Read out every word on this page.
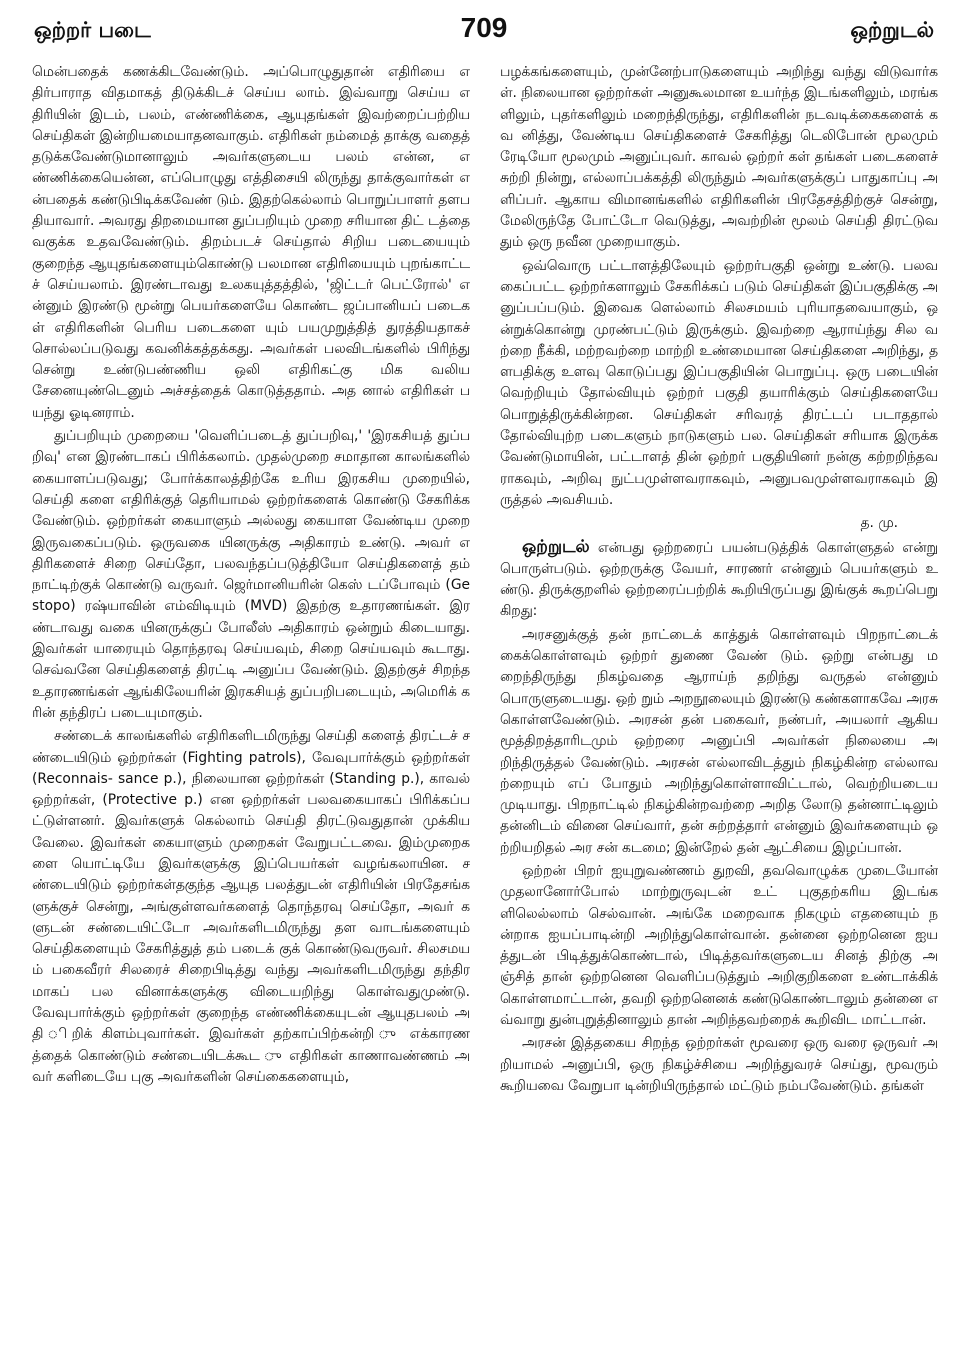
ஒற்றர் படை	709	ஒற்றுடல்

மென்பதைக் கணக்கிடவேண்டும். அப்பொழுதுதான் எதிரியை எதிர்பாராத விதமாகத் திடுக்கிடச் செய்ய லாம். இவ்வாறு செய்ய எதிரியின் இடம், பலம், எண்ணிக்கை, ஆயுதங்கள் இவற்றைப்பற்றிய செய்திகள் இன்றியமையாதனவாகும். எதிரிகள் நம்மைத் தாக்கு வதைத் தடுக்கவேண்டுமானாலும் அவர்களுடைய பலம் என்ன, எண்ணிக்கையென்ன, எப்பொழுது எத்திசையி லிருந்து தாக்குவார்கள் என்பதைக் கண்டுபிடிக்கவேண் டும். இதற்கெல்லாம் பொறுப்பாளர் தளபதியாவார். அவரது திறமையான துப்பறியும் முறை சரியான திட் டத்தை வகுக்க உதவவேண்டும். திறம்படச் செய்தால் சிறிய படையையும் குறைந்த ஆயுதங்களையும்கொண்டு பலமான எதிரியையும் புறங்காட்டச் செய்யலாம். இரண்டாவது உலகயுத்தத்தில், 'ஜிட்டர் பெட்ரோல்' என்னும் இரண்டு மூன்று பெயர்களையே கொண்ட ஜப்பானியப் படைகள் எதிரிகளின் பெரிய படைகளை யும் பயமுறுத்தித் துரத்தியதாகச் சொல்லப்படுவது கவனிக்கத்தக்கது. அவர்கள் பலவிடங்களில் பிரிந்து சென்று உண்டுபண்ணிய ஒலி எதிரிகட்கு மிக வலிய சேனையுண்டெனும் அச்சத்தைக் கொடுத்ததாம். அத னால் எதிரிகள் பயந்து ஓடினராம்.

துப்பறியும் முறையை 'வெளிப்படைத் துப்பறிவு,' 'இரகசியத் துப்பறிவு' என இரண்டாகப் பிரிக்கலாம். முதல்முறை சமாதான காலங்களில் கையாளப்படுவது; போர்க்காலத்திற்கே உரிய இரகசிய முறையில், செய்தி களை எதிரிக்குத் தெரியாமல் ஒற்றர்களைக் கொண்டு சேகரிக்க வேண்டும். ஒற்றர்கள் கையாளும் அல்லது கையாள வேண்டிய முறை இருவகைப்படும். ஒருவகை யினருக்கு அதிகாரம் உண்டு. அவர் எதிரிகளைச் சிறை செய்தோ, பலவந்தப்படுத்தியோ செய்திகளைத் தம் நாட்டிற்குக் கொண்டு வருவர். ஜெர்மானியரின் கெஸ் டப்போவும் (Gestopo) ரஷ்யாவின் எம்விடியும் (MVD) இதற்கு உதாரணங்கள். இரண்டாவது வகை யினருக்குப் போலீஸ் அதிகாரம் ஒன்றும் கிடையாது. இவர்கள் யாரையும் தொந்தரவு செய்யவும், சிறை செய்யவும் கூடாது. செவ்வனே செய்திகளைத் திரட்டி அனுப்ப வேண்டும். இதற்குச் சிறந்த உதாரணங்கள் ஆங்கிலேயரின் இரகசியத் துப்பறிபடையும், அமெரிக் கரின் தந்திரப் படையுமாகும்.

சண்டைக் காலங்களில் எதிரிகளிடமிருந்து செய்தி களைத் திரட்டச் சண்டையிடும் ஒற்றர்கள் (Fighting patrols), வேவுபார்க்கும் ஒற்றர்கள் (Reconnais- sance p.), நிலையான ஒற்றர்கள் (Standing p.), காவல் ஒற்றர்கள், (Protective p.) என ஒற்றர்கள் பலவகையாகப் பிரிக்கப்பட்டுள்ளனர். இவர்களுக் கெல்லாம் செய்தி திரட்டுவதுதான் முக்கிய வேலை. இவர்கள் கையாளும் முறைகள் வேறுபட்டவை. இம்முறைகளை யொட்டியே இவர்களுக்கு இப்பெயர்கள் வழங்கலாயின. சண்டையிடும் ஒற்றர்கள்தகுந்த ஆயுத பலத்துடன் எதிரியின் பிரதேசங்களுக்குச் சென்று, அங்குள்ளவர்களைத் தொந்தரவு செய்தோ, அவர் களுடன் சண்டையிட்டோ அவர்களிடமிருந்து தள வாடங்களையும் செய்திகளையும் சேகரித்துத் தம் படைக் குக் கொண்டுவருவர். சிலசமயம் பகைவீரர் சிலரைச் சிறைபிடித்து வந்து அவர்களிடமிருந்து தந்திரமாகப் பல வினாக்களுக்கு விடையறிந்து கொள்வதுமுண்டு. வேவுபார்க்கும் ஒற்றர்கள் குறைந்த எண்ணிக்கையுடன் ஆயுதபலம் அதி ிறிக் கிளம்புவார்கள். இவர்கள் தற்காப்பிற்கன்றி ு எக்காரணத்தைக் கொண்டும் சண்டையிடக்கூட ு எதிரிகள் காணாவண்ணம் அவர் களிடையே புகு அவர்களின் செய்கைகளையும்,

பழக்கங்களையும், முன்னேற்பாடுகளையும் அறிந்து வந்து விடுவார்கள். நிலையான ஒற்றர்கள் அனுகூலமான உயர்ந்த இடங்களிலும், மரங்களிலும், புதர்களிலும் மறைந்திருந்து, எதிரிகளின் நடவடிக்கைகளைக் கவ னித்து, வேண்டிய செய்திகளைச் சேகரித்து டெலிபோன் மூலமும் ரேடியோ மூலமும் அனுப்புவர். காவல் ஒற்றர் கள் தங்கள் படைகளைச் சுற்றி நின்று, எல்லாப்பக்கத்தி லிருந்தும் அவர்களுக்குப் பாதுகாப்பு அளிப்பர். ஆகாய விமானங்களில் எதிரிகளின் பிரதேசத்திற்குச் சென்று, மேலிருந்தே போட்டோ வெடுத்து, அவற்றின் மூலம் செய்தி திரட்டுவதும் ஒரு நவீன முறையாகும்.

ஒவ்வொரு பட்டாளத்திலேயும் ஒற்றர்பகுதி ஒன்று உண்டு. பலவகைப்பட்ட ஒற்றர்களாலும் சேகரிக்கப் படும் செய்திகள் இப்பகுதிக்கு அனுப்பப்படும். இவைக ளெல்லாம் சிலசமயம் புரியாதவையாகும், ஒன்றுக்கொன்று முரண்பட்டும் இருக்கும். இவற்றை ஆராய்ந்து சில வற்றை நீக்கி, மற்றவற்றை மாற்றி உண்மையான செய்திகளை அறிந்து, தளபதிக்கு உளவு கொடுப்பது இப்பகுதியின் பொறுப்பு. ஒரு படையின் வெற்றியும் தோல்வியும் ஒற்றர் பகுதி தயாரிக்கும் செய்திகளையே பொறுத்திருக்கின்றன. செய்திகள் சரிவரத் திரட்டப் படாததால் தோல்வியுற்ற படைகளும் நாடுகளும் பல. செய்திகள் சரியாக இருக்கவேண்டுமாயின், பட்டாளத் தின் ஒற்றர் பகுதியினர் நன்கு கற்றறிந்தவராகவும், அறிவு நுட்பமுள்ளவராகவும், அனுபவமுள்ளவராகவும் இருத்தல் அவசியம்.

த. மு.

ஒற்றுடல் என்பது ஒற்றரைப் பயன்படுத்திக் கொள்ளுதல் என்று பொருள்படும். ஒற்றருக்கு வேயர், சாரணர் என்னும் பெயர்களும் உண்டு. திருக்குறளில் ஒற்றரைப்பற்றிக் கூறியிருப்பது இங்குக் கூறப்பெறு கிறது:

அரசனுக்குத் தன் நாட்டைக் காத்துக் கொள்ளவும் பிறநாட்டைக் கைக்கொள்ளவும் ஒற்றர் துணை வேண் டும். ஒற்று என்பது மறைந்திருந்து நிகழ்வதை ஆராய்ந் தறிந்து வருதல் என்னும் பொருளுடையது. ஒற் றும் அறநூலையும் இரண்டு கண்களாகவே அரசு கொள்ளவேண்டும். அரசன் தன் பகைவர், நண்பர், அயலார் ஆகிய மூத்திறத்தாரிடமும் ஒற்றரை அனுப்பி அவர்கள் நிலையை அறிந்திருத்தல் வேண்டும். அரசன் எல்லாவிடத்தும் நிகழ்கின்ற எல்லாவற்றையும் எப் போதும் அறிந்துகொள்ளாவிட்டால், வெற்றியடைய முடியாது. பிறநாட்டில் நிகழ்கின்றவற்றை அறித லோடு தன்னாட்டிலும் தன்னிடம் வினை செய்வார், தன் சுற்றத்தார் என்னும் இவர்களையும் ஒற்றியறிதல் அர சன் கடமை; இன்றேல் தன் ஆட்சியை இழப்பான்.

ஒற்றன் பிறர் ஐயுறுவண்ணம் துறவி, தவவொழுக்க முடையோன் முதலானோர்போல் மாற்றுருவுடன் உட் புகுதற்கரிய இடங்களிலெல்லாம் செல்வான். அங்கே மறைவாக நிகழும் எதனையும் நன்றாக ஐயப்பாடின்றி அறிந்துகொள்வான். தன்னை ஒற்றனென ஐயத்துடன் பிடித்துக்கொண்டால், பிடித்தவர்களுடைய சினத் திற்கு அஞ்சித் தான் ஒற்றனென வெளிப்படுத்தும் அறிகுறிகளை உண்டாக்கிக் கொள்ளமாட்டான், தவறி ஒற்றனெனக் கண்டுகொண்டாலும் தன்னை எவ்வாறு துன்புறுத்தினாலும் தான் அறிந்தவற்றைக் கூறிவிட மாட்டான்.

அரசன் இத்தகைய சிறந்த ஒற்றர்கள் மூவரை ஒரு வரை ஒருவர் அறியாமல் அனுப்பி, ஒரு நிகழ்ச்சியை அறிந்துவரச் செய்து, மூவரும் கூறியவை வேறுபா டின்றியிருந்தால் மட்டும் நம்பவேண்டும். தங்கள்
